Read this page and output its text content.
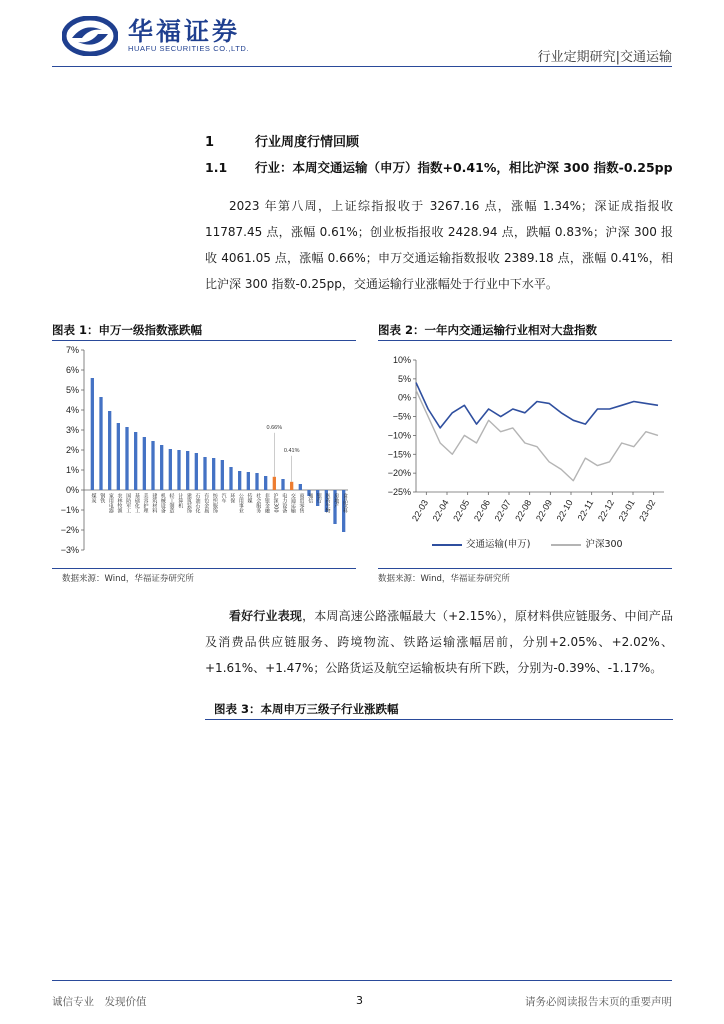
华福证券
HUAFU SECURITIES CO.,LTD.
行业定期研究|交通运输
1	行业周度行情回顾
1.1 行业：本周交通运输（申万）指数+0.41%，相比沪深 300 指数-0.25pp

2023 年第八周，上证综指报收于 3267.16 点，涨幅 1.34%；深证成指报收 11787.45 点，涨幅 0.61%；创业板指报收 2428.94 点，跌幅 0.83%；沪深 300 报收 4061.05 点，涨幅 0.66%；申万交通运输指数报收 2389.18 点，涨幅 0.41%，相比沪深 300 指数-0.25pp，交通运输行业涨幅处于行业中下水平。

图表 1：申万一级指数涨跌幅
7%
6%
5%
4%
3%
2%
1%
0%
−1%
−2%
−3%
煤炭 钢铁 家用电器 农林牧渔 国防军工 基础化工 美容护理 建筑材料 机械设备 轻工制造 计算机 建筑装饰 石油石化 有色金属 纺织服饰 汽车 环保 公用事业 传媒 社会服务 非银金融 沪深300 电力设备 交通运输 商贸零售 通信 银行 医药生物 房地产 食品饮料
0.66%
0.41%
数据来源：Wind，华福证券研究所
图表 2：一年内交通运输行业相对大盘指数
10%
5%
0%
−5%
−10%
−15%
−20%
−25%
22-03 22-04 22-05 22-06 22-07 22-08 22-09 22-10 22-11 22-12 23-01 23-02
交通运输(申万)	沪深300
数据来源：Wind，华福证券研究所

看好行业表现，本周高速公路涨幅最大（+2.15%），原材料供应链服务、中间产品及消费品供应链服务、跨境物流、铁路运输涨幅居前，分别+2.05%、+2.02%、+1.61%、+1.47%；公路货运及航空运输板块有所下跌，分别为-0.39%、-1.17%。

图表 3：本周申万三级子行业涨跌幅
诚信专业　发现价值	3	请务必阅读报告末页的重要声明
